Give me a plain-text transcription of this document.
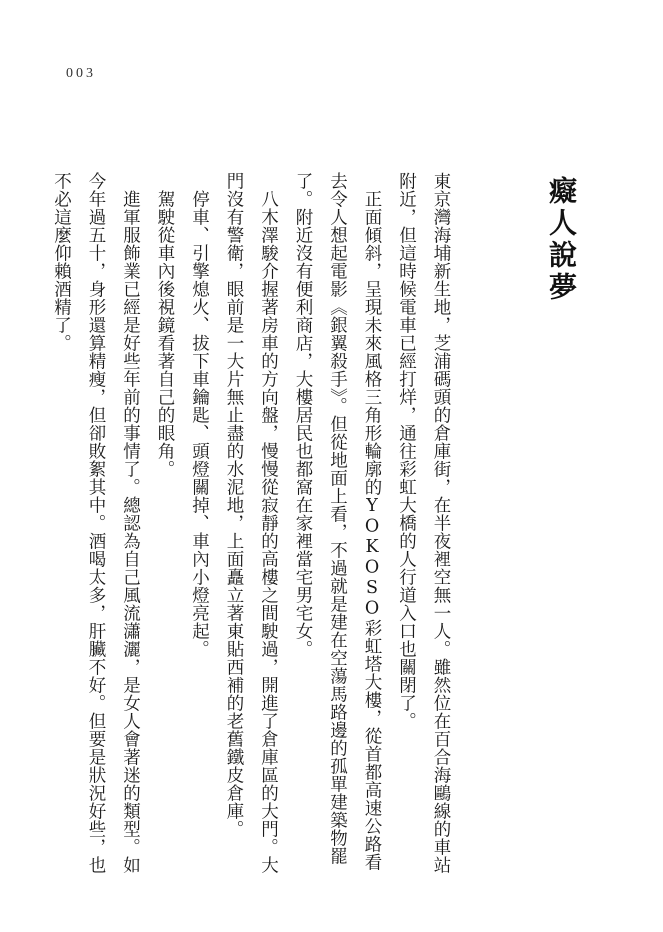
003
癡人說夢

東京灣海埔新生地，芝浦碼頭的倉庫街，在半夜裡空無一人。雖然位在百合海鷗線的車站附近，但這時候電車已經打烊，通往彩虹大橋的人行道入口也關閉了。

正面傾斜，呈現未來風格三角形輪廓的YOKOSO彩虹塔大樓，從首都高速公路看去令人想起電影《銀翼殺手》。但從地面上看，不過就是建在空蕩馬路邊的孤單建築物罷了。附近沒有便利商店，大樓居民也都窩在家裡當宅男宅女。

八木澤駿介握著房車的方向盤，慢慢從寂靜的高樓之間駛過，開進了倉庫區的大門。大門沒有警衛，眼前是一大片無止盡的水泥地，上面矗立著東貼西補的老舊鐵皮倉庫。

停車、引擎熄火、拔下車鑰匙、頭燈關掉、車內小燈亮起。

駕駛從車內後視鏡看著自己的眼角。

進軍服飾業已經是好些年前的事情了。總認為自己風流瀟灑，是女人會著迷的類型。如今年過五十，身形還算精瘦，但卻敗絮其中。酒喝太多，肝臟不好。但要是狀況好些，也不必這麼仰賴酒精了。
